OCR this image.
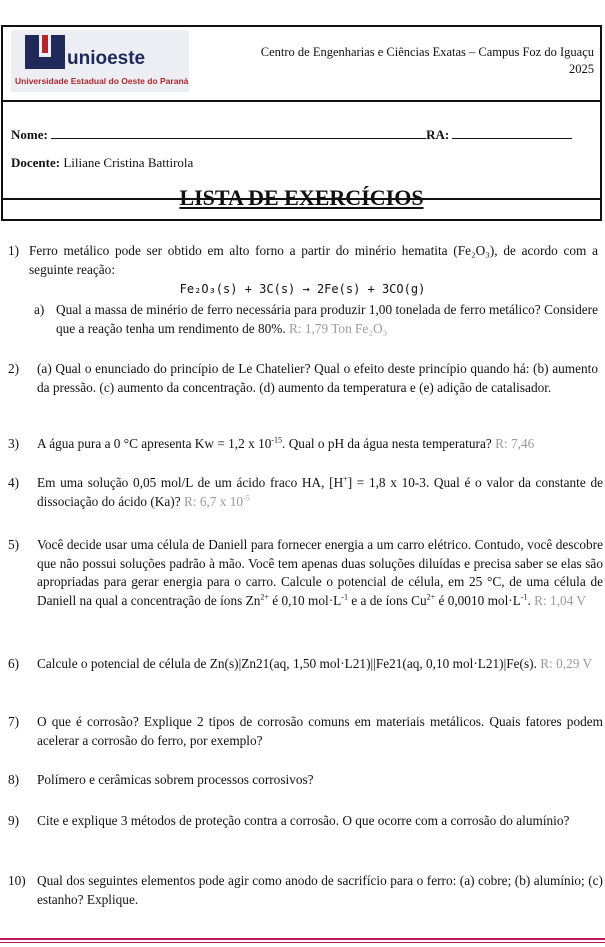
unioeste
Universidade Estadual do Oeste do Paraná
Centro de Engenharias e Ciências Exatas – Campus Foz do Iguaçu
2025
Nome:	RA:
Docente: Liliane Cristina Battirola
LISTA DE EXERCÍCIOS
1) Ferro metálico pode ser obtido em alto forno a partir do minério hematita (Fe₂O₃), de acordo com a seguinte reação:
Fe₂O₃(s) + 3C(s) → 2Fe(s) + 3CO(g)
a) Qual a massa de minério de ferro necessária para produzir 1,00 tonelada de ferro metálico? Considere que a reação tenha um rendimento de 80%. R: 1,79 Ton Fe₂O₃
2) (a) Qual o enunciado do princípio de Le Chatelier? Qual o efeito deste princípio quando há: (b) aumento da pressão. (c) aumento da concentração. (d) aumento da temperatura e (e) adição de catalisador.
3) A água pura a 0 °C apresenta Kw = 1,2 x $10^{-15}$. Qual o pH da água nesta temperatura? R: 7,46
4) Em uma solução 0,05 mol/L de um ácido fraco HA, [H+] = 1,8 x 10-3. Qual é o valor da constante de dissociação do ácido (Ka)? R: 6,7 x $10^{-5}$
5) Você decide usar uma célula de Daniell para fornecer energia a um carro elétrico. Contudo, você descobre que não possui soluções padrão à mão. Você tem apenas duas soluções diluídas e precisa saber se elas são apropriadas para gerar energia para o carro. Calcule o potencial de célula, em 25 °C, de uma célula de Daniell na qual a concentração de íons $Zn^{2+}$ é 0,10 $mol\cdot L^{-1}$ e a de íons $Cu^{2+}$ é 0,0010 $mol\cdot L^{-1}$. R: 1,04 V
6) Calcule o potencial de célula de Zn(s)|Zn21(aq, 1,50 mol·L21)||Fe21(aq, 0,10 mol·L21)|Fe(s). R: 0,29 V
7) O que é corrosão? Explique 2 tipos de corrosão comuns em materiais metálicos. Quais fatores podem acelerar a corrosão do ferro, por exemplo?
8) Polímero e cerâmicas sobrem processos corrosivos?
9) Cite e explique 3 métodos de proteção contra a corrosão. O que ocorre com a corrosão do alumínio?
10) Qual dos seguintes elementos pode agir como anodo de sacrifício para o ferro: (a) cobre; (b) alumínio; (c) estanho? Explique.
